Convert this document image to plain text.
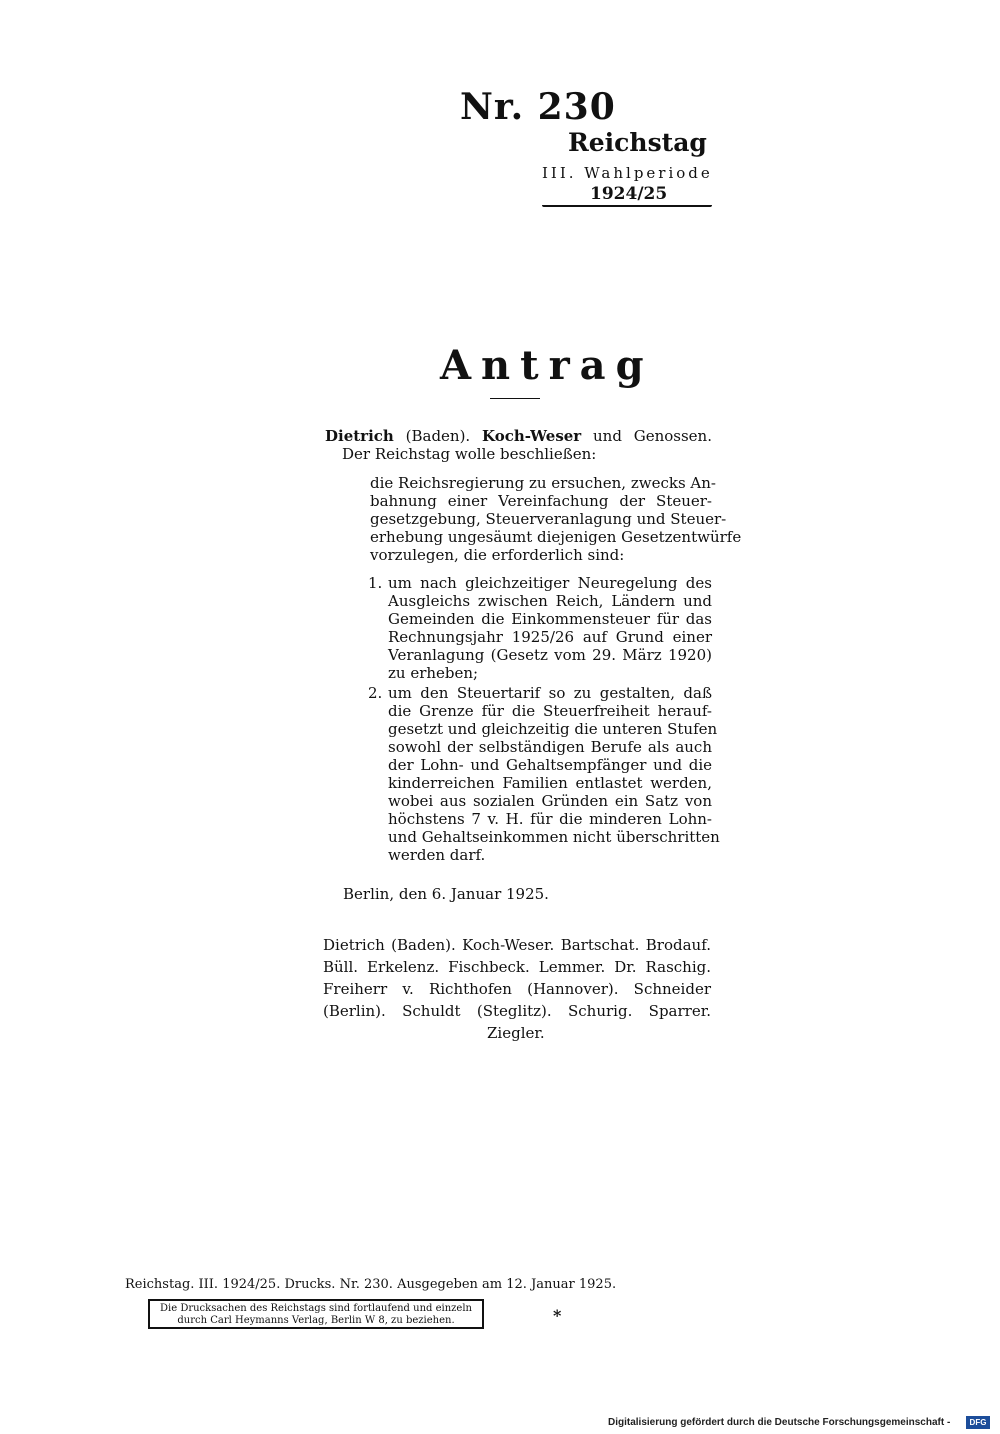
Nr. 230
Reichstag
III. Wahlperiode
1924/25
Antrag
Dietrich (Baden). Koch-Weser und Genossen.
Der Reichstag wolle beschließen:
die Reichsregierung zu ersuchen, zwecks An-
bahnung einer Vereinfachung der Steuer-
gesetzgebung, Steuerveranlagung und Steuer-
erhebung ungesäumt diejenigen Gesetzentwürfe
vorzulegen, die erforderlich sind:
1. um nach gleichzeitiger Neuregelung des
Ausgleichs zwischen Reich, Ländern und
Gemeinden die Einkommensteuer für das
Rechnungsjahr 1925/26 auf Grund einer
Veranlagung (Gesetz vom 29. März 1920)
zu erheben;
2. um den Steuertarif so zu gestalten, daß
die Grenze für die Steuerfreiheit herauf-
gesetzt und gleichzeitig die unteren Stufen
sowohl der selbständigen Berufe als auch
der Lohn- und Gehaltsempfänger und die
kinderreichen Familien entlastet werden,
wobei aus sozialen Gründen ein Satz von
höchstens 7 v. H. für die minderen Lohn-
und Gehaltseinkommen nicht überschritten
werden darf.
Berlin, den 6. Januar 1925.
Dietrich (Baden). Koch-Weser. Bartschat. Brodauf.
Büll. Erkelenz. Fischbeck. Lemmer. Dr. Raschig.
Freiherr v. Richthofen (Hannover). Schneider
(Berlin). Schuldt (Steglitz). Schurig. Sparrer.
Ziegler.
Reichstag. III. 1924/25. Drucks. Nr. 230. Ausgegeben am 12. Januar 1925.
Die Drucksachen des Reichstags sind fortlaufend und einzeln
durch Carl Heymanns Verlag, Berlin W 8, zu beziehen.	*
Digitalisierung gefördert durch die Deutsche Forschungsgemeinschaft -	DFG
